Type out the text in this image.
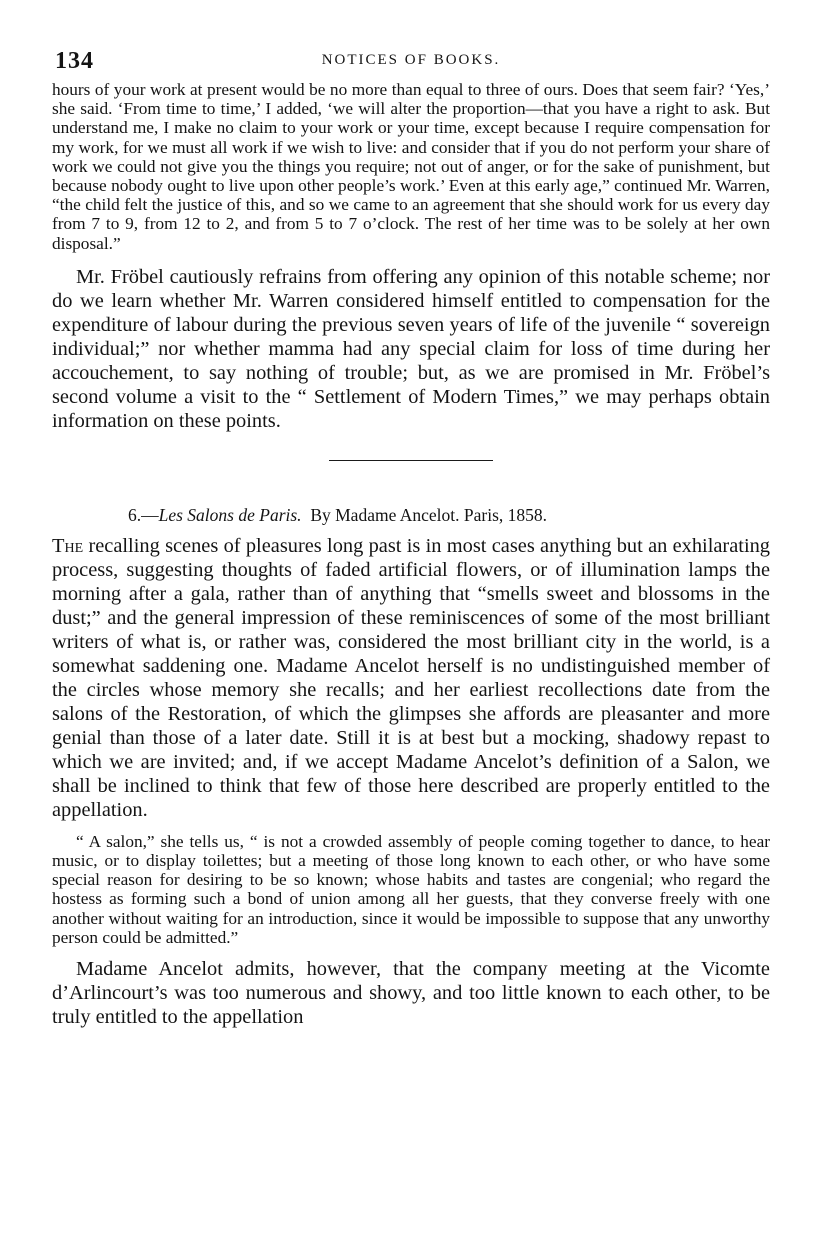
134	NOTICES OF BOOKS.

hours of your work at present would be no more than equal to three of ours. Does that seem fair? ‘Yes,’ she said. ‘From time to time,’ I added, ‘we will alter the proportion—that you have a right to ask. But understand me, I make no claim to your work or your time, except because I require compensation for my work, for we must all work if we wish to live: and consider that if you do not perform your share of work we could not give you the things you require; not out of anger, or for the sake of punishment, but because nobody ought to live upon other people’s work.’ Even at this early age,” continued Mr. Warren, “the child felt the justice of this, and so we came to an agreement that she should work for us every day from 7 to 9, from 12 to 2, and from 5 to 7 o’clock. The rest of her time was to be solely at her own disposal.”

Mr. Fröbel cautiously refrains from offering any opinion of this notable scheme; nor do we learn whether Mr. Warren considered himself entitled to compensation for the expenditure of labour during the previous seven years of life of the juvenile “ sovereign individual;” nor whether mamma had any special claim for loss of time during her accouchement, to say nothing of trouble; but, as we are promised in Mr. Fröbel’s second volume a visit to the “ Settlement of Modern Times,” we may perhaps obtain information on these points.

6.—Les Salons de Paris. By Madame Ancelot. Paris, 1858.

The recalling scenes of pleasures long past is in most cases anything but an exhilarating process, suggesting thoughts of faded artificial flowers, or of illumination lamps the morning after a gala, rather than of anything that “smells sweet and blossoms in the dust;” and the general impression of these reminiscences of some of the most brilliant writers of what is, or rather was, considered the most brilliant city in the world, is a somewhat saddening one. Madame Ancelot herself is no undistinguished member of the circles whose memory she recalls; and her earliest recollections date from the salons of the Restoration, of which the glimpses she affords are pleasanter and more genial than those of a later date. Still it is at best but a mocking, shadowy repast to which we are invited; and, if we accept Madame Ancelot’s definition of a Salon, we shall be inclined to think that few of those here described are properly entitled to the appellation.

“ A salon,” she tells us, “ is not a crowded assembly of people coming together to dance, to hear music, or to display toilettes; but a meeting of those long known to each other, or who have some special reason for desiring to be so known; whose habits and tastes are congenial; who regard the hostess as forming such a bond of union among all her guests, that they converse freely with one another without waiting for an introduction, since it would be impossible to suppose that any unworthy person could be admitted.”

Madame Ancelot admits, however, that the company meeting at the Vicomte d’Arlincourt’s was too numerous and showy, and too little known to each other, to be truly entitled to the appellation
